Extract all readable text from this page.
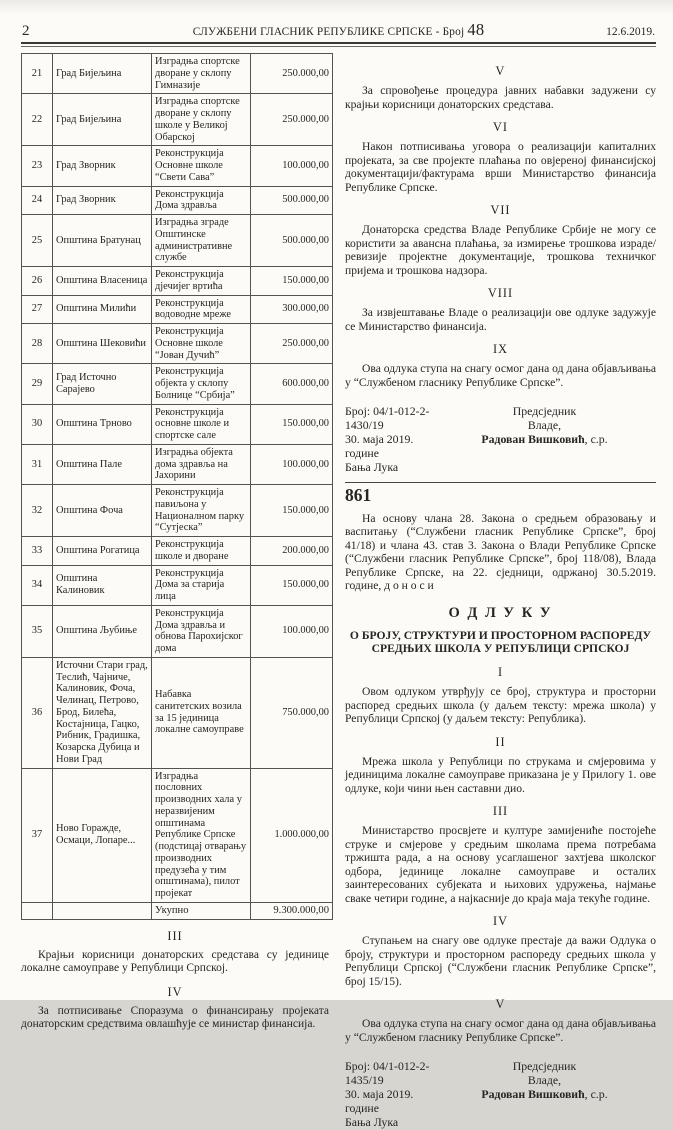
2	СЛУЖБЕНИ ГЛАСНИК РЕПУБЛИКЕ СРПСКЕ - Број 48	12.6.2019.
21	Град Бијељина	Изградња спортске дворане у склопу Гимназије	250.000,00
22	Град Бијељина	Изградња спортске дворане у склопу школе у Великој Обарској	250.000,00
23	Град Зворник	Реконструкција Основне школе “Свети Сава”	100.000,00
24	Град Зворник	Реконструкција Дома здравља	500.000,00
25	Општина Братунац	Изградња зграде Општинске административне службе	500.000,00
26	Општина Власеница	Реконструкција дјечијег вртића	150.000,00
27	Општина Милићи	Реконструкција водоводне мреже	300.000,00
28	Општина Шековићи	Реконструкција Основне школе “Јован Дучић”	250.000,00
29	Град Источно Сарајево	Реконструкција објекта у склопу Болнице “Србија”	600.000,00
30	Општина Трново	Реконструкција основне школе и спортске сале	150.000,00
31	Општина Пале	Изградња објекта дома здравља на Јахорини	100.000,00
32	Општина Фоча	Реконструкција павиљона у Националном парку “Сутјеска”	150.000,00
33	Општина Рогатица	Реконструкција школе и дворане	200.000,00
34	Општина Калиновик	Реконструкција Дома за старија лица	150.000,00
35	Општина Љубиње	Реконструкција Дома здравља и обнова Парохијског дома	100.000,00
36	Источни Стари град, Теслић, Чајниче, Калиновик, Фоча, Челинац, Петрово, Брод, Билећа, Костајница, Гацко, Рибник, Градишка, Козарска Дубица и Нови Град	Набавка санитетских возила за 15 јединица локалне самоуправе	750.000,00
37	Ново Горажде, Осмаци, Лопаре...	Изградња пословних производних хала у неразвијеним општинама Републике Српске (подстицај отварању производних предузећа у тим општинама), пилот пројекат	1.000.000,00
		Укупно	9.300.000,00
III

Крајњи корисници донаторских средстава су јединице локалне самоуправе у Републици Српској.

IV

За потписивање Споразума о финансирању пројеката донаторским средствима овлашћује се министар финансија.

V

За спровођење процедура јавних набавки задужени су крајњи корисници донаторских средстава.

VI

Након потписивања уговора о реализацији капиталних пројеката, за све пројекте плаћања по овјереној финансијској документацији/фактурама врши Министарство финансија Републике Српске.

VII

Донаторска средства Владе Републике Србије не могу се користити за авансна плаћања, за измирење трошкова израде/ревизије пројектне документације, трошкова техничког пријема и трошкова надзора.

VIII

За извјештавање Владе о реализацији ове одлуке задужује се Министарство финансија.

IX

Ова одлука ступа на снагу осмог дана од дана објављивања у “Службеном гласнику Републике Српске”.

Број: 04/1-012-2-1430/19
30. маја 2019. године
Бања Лука
Предсједник
Владе,
Радован Вишковић, с.р.
861

На основу члана 28. Закона о средњем образовању и васпитању (“Службени гласник Републике Српске”, број 41/18) и члана 43. став 3. Закона о Влади Републике Српске (“Службени гласник Републике Српске”, број 118/08), Влада Републике Српске, на 22. сједници, одржаној 30.5.2019. године, д о н о с и

О Д Л У К У
О БРОЈУ, СТРУКТУРИ И ПРОСТОРНОМ РАСПОРЕДУ СРЕДЊИХ ШКОЛА У РЕПУБЛИЦИ СРПСКОЈ
I

Овом одлуком утврђују се број, структура и просторни распоред средњих школа (у даљем тексту: мрежа школа) у Републици Српској (у даљем тексту: Република).

II

Мрежа школа у Републици по струкама и смјеровима у јединицима локалне самоуправе приказана је у Прилогу 1. ове одлуке, који чини њен саставни дио.

III

Министарство просвјете и културе замијениће постојеће струке и смјерове у средњим школама према потребама тржишта рада, а на основу усаглашеног захтјева школског одбора, јединице локалне самоуправе и осталих заинтересованих субјеката и њихових удружења, најмање сваке четири године, а најкасније до краја маја текуће године.

IV

Ступањем на снагу ове одлуке престаје да важи Одлука о броју, структури и просторном распореду средњих школа у Републици Српској (“Службени гласник Републике Српске”, број 15/15).

V

Ова одлука ступа на снагу осмог дана од дана објављивања у “Службеном гласнику Републике Српске”.

Број: 04/1-012-2-1435/19
30. маја 2019. године
Бања Лука
Предсједник
Владе,
Радован Вишковић, с.р.
